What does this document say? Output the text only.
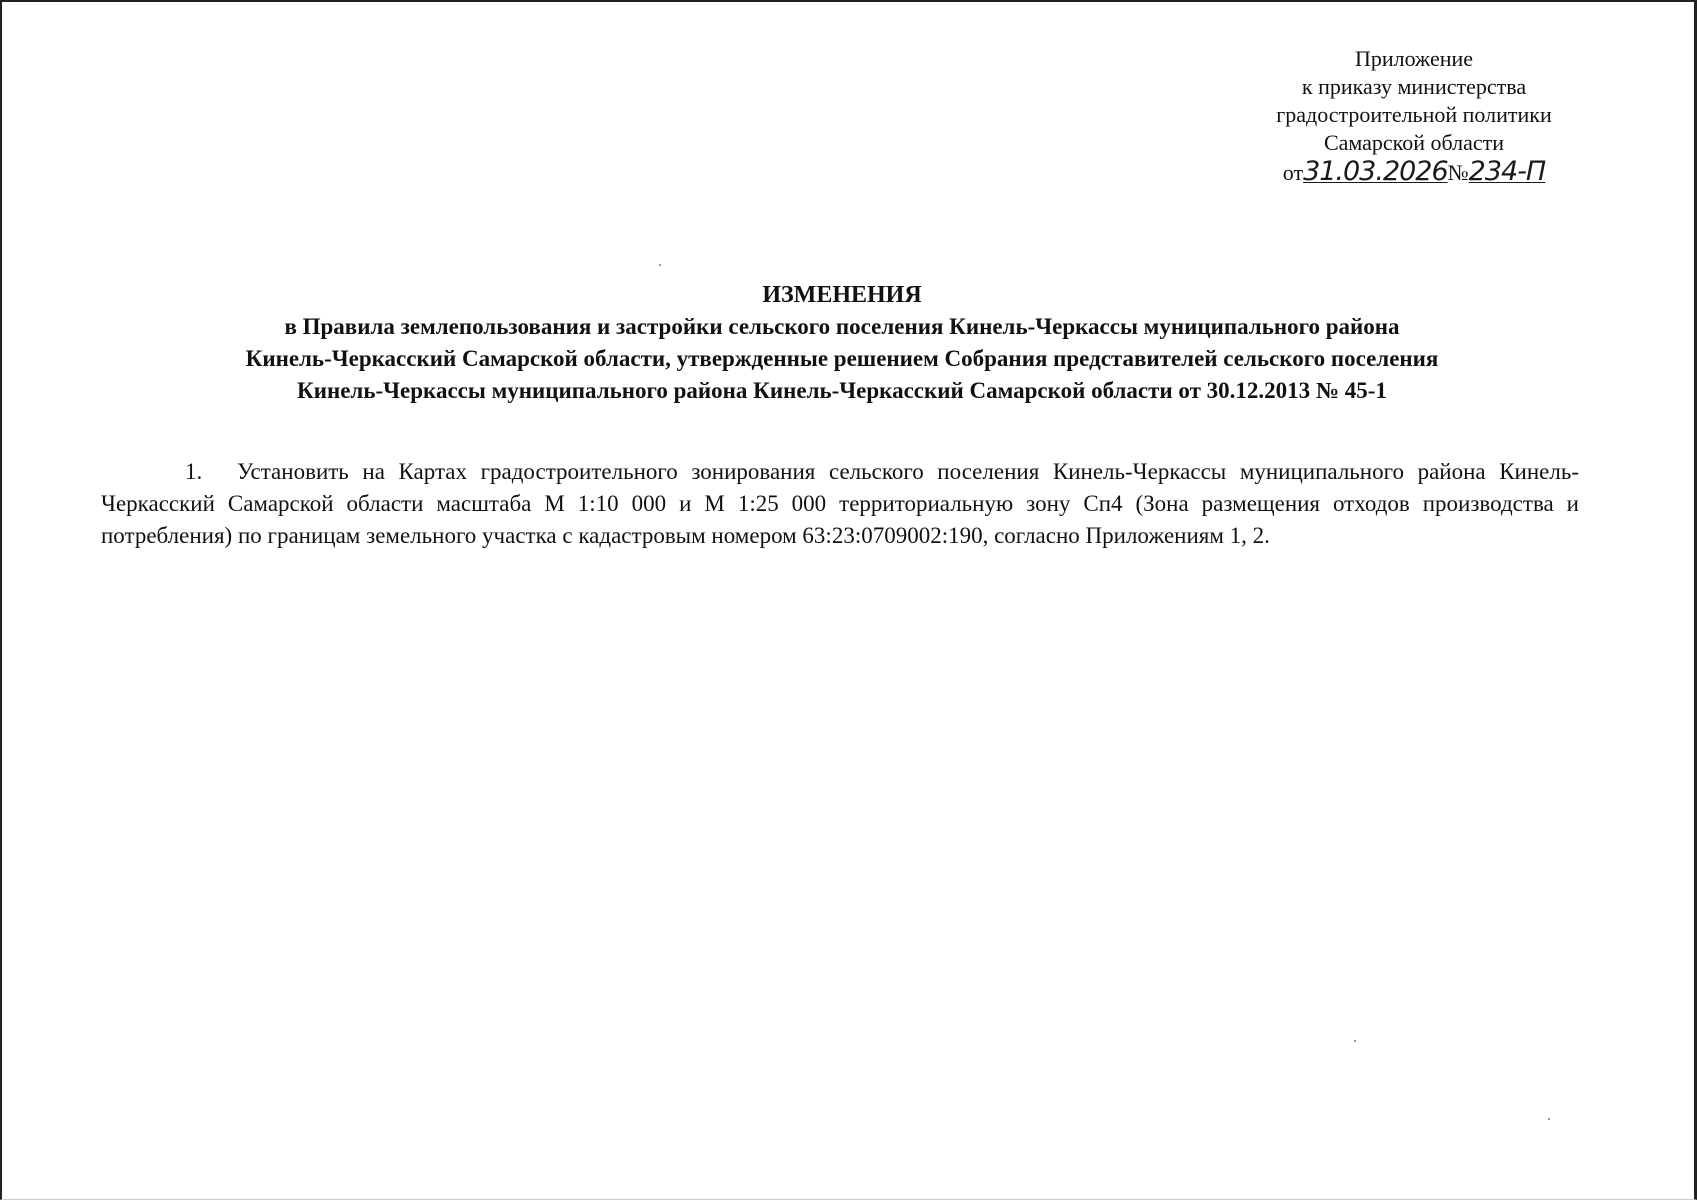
Приложение
к приказу министерства
градостроительной политики
Самарской области
от31.03.2026№234-П
ИЗМЕНЕНИЯ
в Правила землепользования и застройки сельского поселения Кинель-Черкассы муниципального района
Кинель-Черкасский Самарской области, утвержденные решением Собрания представителей сельского поселения
Кинель-Черкассы муниципального района Кинель-Черкасский Самарской области от 30.12.2013 № 45-1

1. Установить на Картах градостроительного зонирования сельского поселения Кинель-Черкассы муниципального района Кинель-Черкасский Самарской области масштаба М 1:10 000 и М 1:25 000 территориальную зону Сп4 (Зона размещения отходов производства и потребления) по границам земельного участка с кадастровым номером 63:23:0709002:190, согласно Приложениям 1, 2.
